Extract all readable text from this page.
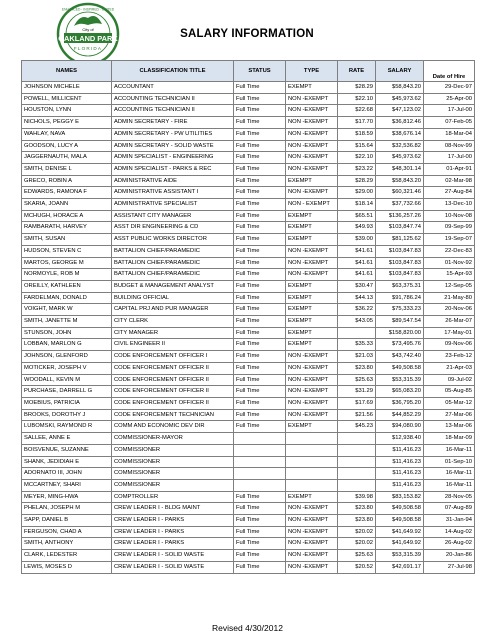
City of
OAKLAND PARK
FLORIDA
ENHANCED · INSPIRED · UNITED
SALARY INFORMATION
NAMES	CLASSIFICATION TITLE	STATUS	TYPE	RATE	SALARY	Date of Hire
JOHNSON MICHELE	ACCOUNTANT	Full Time	EXEMPT	$28.29	$58,843.20	29-Dec-97
POWELL, MILLICENT	ACCOUNTING TECHNICIAN II	Full Time	NON -EXEMPT	$22.10	$45,973.62	25-Apr-00
HOUSTON, LYNN	ACCOUNTING TECHNICIAN II	Full Time	NON -EXEMPT	$22.68	$47,123.02	17-Jul-00
NICHOLS, PEGGY E	ADMIN SECRETARY - FIRE	Full Time	NON -EXEMPT	$17.70	$36,812.46	07-Feb-05
WAHLAY, NAVA	ADMIN SECRETARY - PW UTILITIES	Full Time	NON -EXEMPT	$18.59	$38,676.14	18-Mar-04
GOODSON, LUCY A	ADMIN SECRETARY - SOLID WASTE	Full Time	NON -EXEMPT	$15.64	$32,536.82	08-Nov-99
JAGGERNAUTH, MALA	ADMIN SPECIALIST - ENGINEERING	Full Time	NON -EXEMPT	$22.10	$45,973.62	17-Jul-00
SMITH, DENISE L	ADMIN SPECIALIST - PARKS & REC	Full Time	NON -EXEMPT	$23.22	$48,301.14	01-Apr-91
GRECO, ROBIN A	ADMINISTRATIVE AIDE	Full Time	EXEMPT	$28.29	$58,843.20	02-Mar-98
EDWARDS, RAMONA F	ADMINISTRATIVE ASSISTANT I	Full Time	NON -EXEMPT	$29.00	$60,321.46	27-Aug-84
SKARIA, JOANN	ADMINISTRATIVE SPECIALIST	Full Time	NON - EXEMPT	$18.14	$37,732.66	13-Dec-10
MCHUGH, HORACE A	ASSISTANT CITY MANAGER	Full Time	EXEMPT	$65.51	$136,257.26	10-Nov-08
RAMBARATH, HARVEY	ASST DIR ENGINEERING & CD	Full Time	EXEMPT	$49.93	$103,847.74	09-Sep-99
SMITH, SUSAN	ASST PUBLIC WORKS DIRECTOR	Full Time	EXEMPT	$39.00	$81,125.62	19-Sep-07
HUDSON, STEVEN C	BATTALION CHIEF/PARAMEDIC	Full Time	NON -EXEMPT	$41.61	$103,847.83	22-Dec-83
MARTOS, GEORGE M	BATTALION CHIEF/PARAMEDIC	Full Time	NON -EXEMPT	$41.61	$103,847.83	01-Nov-92
NORMOYLE, ROB M	BATTALION CHIEF/PARAMEDIC	Full Time	NON -EXEMPT	$41.61	$103,847.83	15-Apr-93
OREILLY, KATHLEEN	BUDGET & MANAGEMENT ANALYST	Full Time	EXEMPT	$30.47	$63,375.31	12-Sep-05
FARDELMAN, DONALD	BUILDING OFFICIAL	Full Time	EXEMPT	$44.13	$91,786.24	21-May-80
VOIGHT, MARK W	CAPITAL PRJ AND PUR MANAGER	Full Time	EXEMPT	$36.22	$75,333.23	20-Nov-06
SMITH, JANETTE M	CITY CLERK	Full Time	EXEMPT	$43.05	$89,547.54	26-Mar-07
STUNSON, JOHN	CITY MANAGER	Full Time	EXEMPT		$158,820.00	17-May-01
LOBBAN, MARLON G	CIVIL ENGINEER II	Full Time	EXEMPT	$35.33	$73,495.76	09-Nov-06
JOHNSON, GLENFORD	CODE ENFORCEMENT OFFICER I	Full Time	NON -EXEMPT	$21.03	$43,742.40	23-Feb-12
MOTICKER, JOSEPH V	CODE ENFORCEMENT OFFICER II	Full Time	NON -EXEMPT	$23.80	$49,508.58	21-Apr-03
WOODALL, KEVIN M	CODE ENFORCEMENT OFFICER II	Full Time	NON -EXEMPT	$25.63	$53,315.39	09-Jul-02
PURCHASE, DARRELL G	CODE ENFORCEMENT OFFICER II	Full Time	NON -EXEMPT	$31.29	$65,083.20	05-Aug-85
MOEBIUS, PATRICIA	CODE ENFORCEMENT OFFICER II	Full Time	NON -EXEMPT	$17.69	$36,795.20	05-Mar-12
BROOKS, DOROTHY J	CODE ENFORCEMENT TECHNICIAN	Full Time	NON -EXEMPT	$21.56	$44,852.29	27-Mar-06
LUBOMSKI, RAYMOND R	COMM AND ECONOMIC DEV DIR	Full Time	EXEMPT	$45.23	$94,080.90	13-Mar-06
SALLEE, ANNE E	COMMISSIONER-MAYOR				$12,938.40	18-Mar-09
BOISVENUE, SUZANNE	COMMISSIONER				$11,416.23	16-Mar-11
SHANK, JEDIDIAH E	COMMISSIONER				$11,416.23	01-Sep-10
ADORNATO III, JOHN	COMMISSIONER				$11,416.23	16-Mar-11
MCCARTNEY, SHARI	COMMISSIONER				$11,416.23	16-Mar-11
MEYER, MING-HWA	COMPTROLLER	Full Time	EXEMPT	$39.98	$83,153.82	28-Nov-05
PHELAN, JOSEPH M	CREW LEADER I - BLDG MAINT	Full Time	NON -EXEMPT	$23.80	$49,508.58	07-Aug-89
SAPP, DANIEL B	CREW LEADER I - PARKS	Full Time	NON -EXEMPT	$23.80	$49,508.58	31-Jan-94
FERGUSON, CHAD A	CREW LEADER I - PARKS	Full Time	NON -EXEMPT	$20.02	$41,649.92	14-Aug-02
SMITH, ANTHONY	CREW LEADER I - PARKS	Full Time	NON -EXEMPT	$20.02	$41,649.92	26-Aug-02
CLARK, LEDESTER	CREW LEADER I - SOLID WASTE	Full Time	NON -EXEMPT	$25.63	$53,315.39	20-Jan-86
LEWIS, MOSES D	CREW LEADER I - SOLID WASTE	Full Time	NON -EXEMPT	$20.52	$42,691.17	27-Jul-98
Revised 4/30/2012
